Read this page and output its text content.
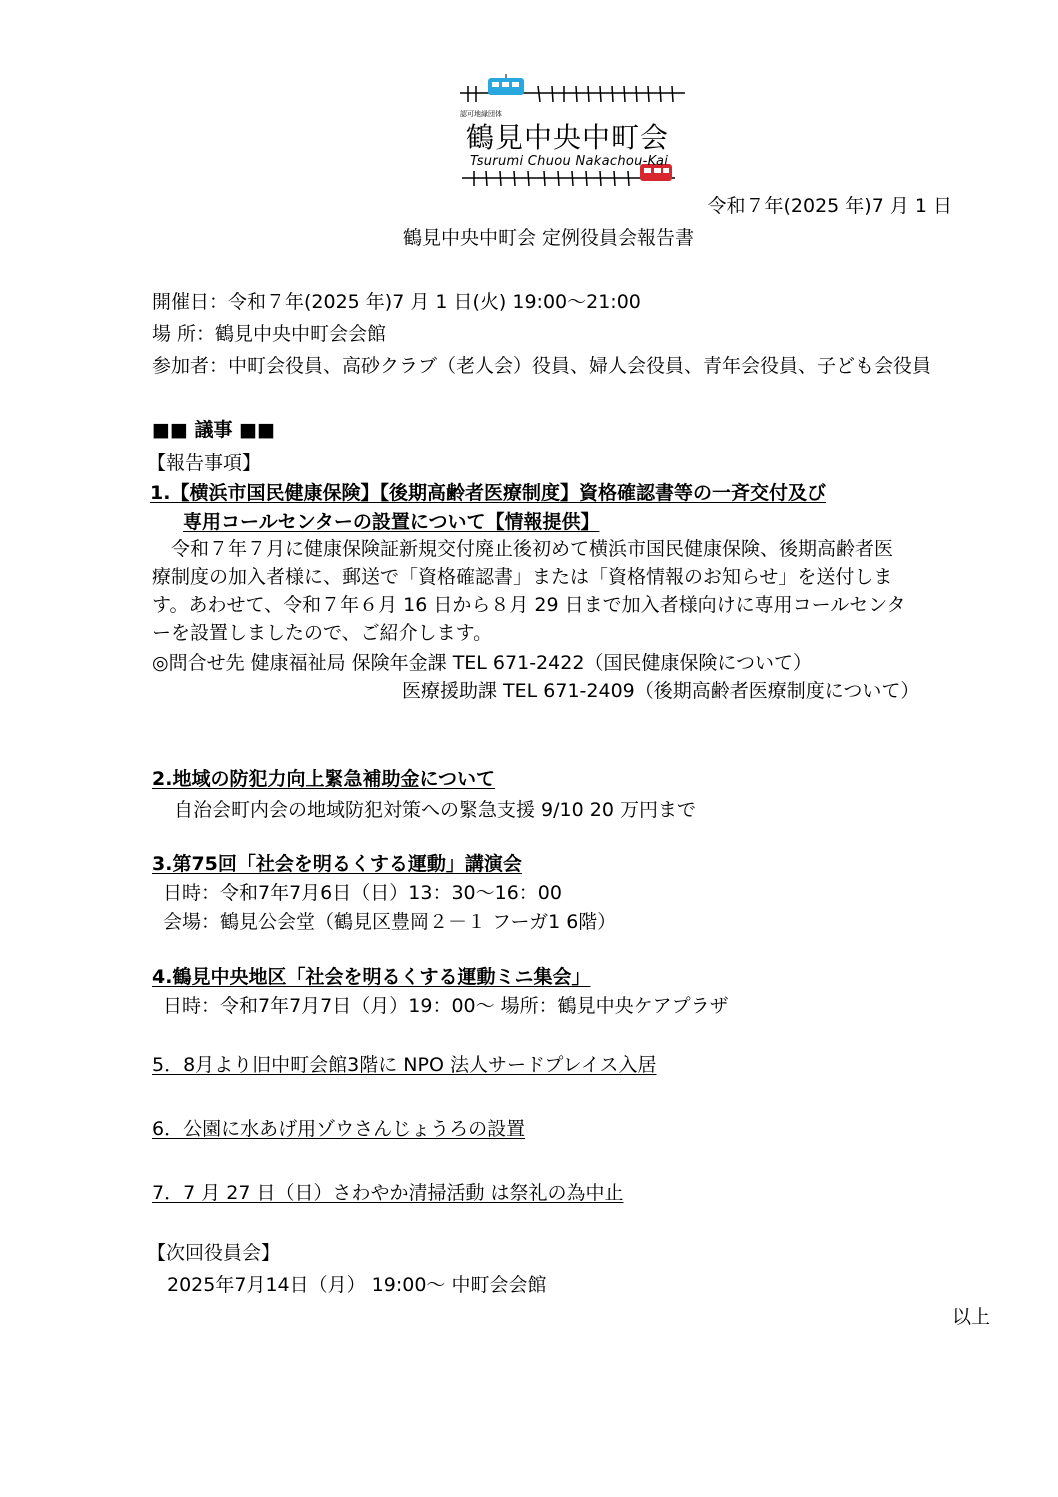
認可地縁団体
鶴見中央中町会
Tsurumi Chuou Nakachou-Kai
令和７年(2025 年)7 月 1 日
鶴見中央中町会 定例役員会報告書
開催日：令和７年(2025 年)7 月 1 日(火) 19:00～21:00
場 所：鶴見中央中町会会館
参加者：中町会役員、高砂クラブ（老人会）役員、婦人会役員、青年会役員、子ども会役員
■■ 議事 ■■
【報告事項】
1.【横浜市国民健康保険】【後期高齢者医療制度】資格確認書等の一斉交付及び
専用コールセンターの設置について【情報提供】
令和７年７月に健康保険証新規交付廃止後初めて横浜市国民健康保険、後期高齢者医
療制度の加入者様に、郵送で「資格確認書」または「資格情報のお知らせ」を送付しま
す。あわせて、令和７年６月 16 日から８月 29 日まで加入者様向けに専用コールセンタ
ーを設置しましたので、ご紹介します。
◎問合せ先 健康福祉局 保険年金課 TEL 671-2422（国民健康保険について）
医療援助課 TEL 671-2409（後期高齢者医療制度について）
2.地域の防犯力向上緊急補助金について
自治会町内会の地域防犯対策への緊急支援 9/10 20 万円まで
3.第75回「社会を明るくする運動」講演会
日時：令和7年7月6日（日）13：30～16：00
会場：鶴見公会堂（鶴見区豊岡２－１ フーガ1 6階）
4.鶴見中央地区「社会を明るくする運動ミニ集会」
日時：令和7年7月7日（月）19：00～ 場所：鶴見中央ケアプラザ
5．8月より旧中町会館3階に NPO 法人サードプレイス入居
6．公園に水あげ用ゾウさんじょうろの設置
7．7 月 27 日（日）さわやか清掃活動 は祭礼の為中止
【次回役員会】
2025年7月14日（月） 19:00～ 中町会会館
以上
